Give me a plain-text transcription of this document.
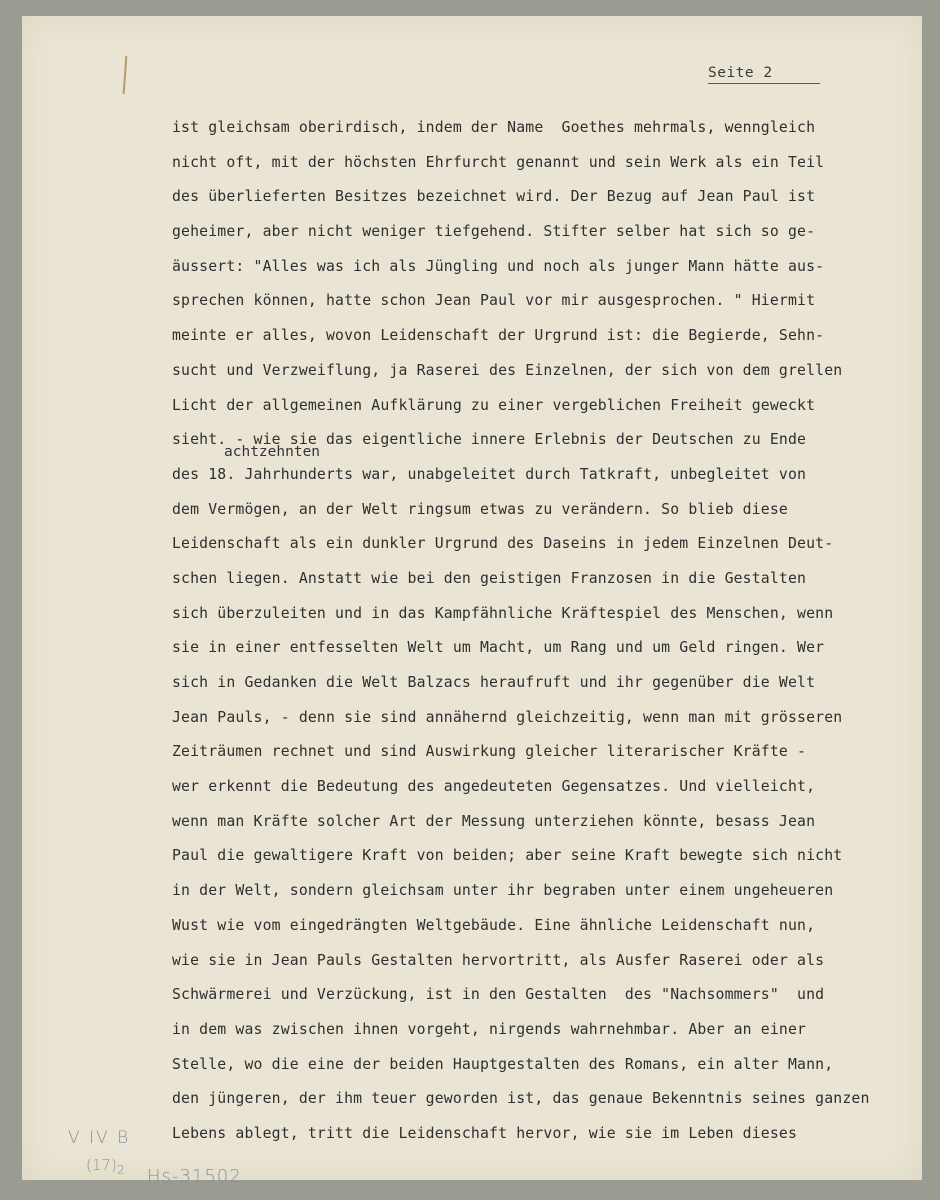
Seite 2
achtzehnten
ist gleichsam oberirdisch, indem der Name  Goethes mehrmals, wenngleich
nicht oft, mit der höchsten Ehrfurcht genannt und sein Werk als ein Teil
des überlieferten Besitzes bezeichnet wird. Der Bezug auf Jean Paul ist
geheimer, aber nicht weniger tiefgehend. Stifter selber hat sich so ge-
äussert: "Alles was ich als Jüngling und noch als junger Mann hätte aus-
sprechen können, hatte schon Jean Paul vor mir ausgesprochen. " Hiermit
meinte er alles, wovon Leidenschaft der Urgrund ist: die Begierde, Sehn-
sucht und Verzweiflung, ja Raserei des Einzelnen, der sich von dem grellen
Licht der allgemeinen Aufklärung zu einer vergeblichen Freiheit geweckt
sieht. - wie sie das eigentliche innere Erlebnis der Deutschen zu Ende
des 18. Jahrhunderts war, unabgeleitet durch Tatkraft, unbegleitet von
dem Vermögen, an der Welt ringsum etwas zu verändern. So blieb diese
Leidenschaft als ein dunkler Urgrund des Daseins in jedem Einzelnen Deut-
schen liegen. Anstatt wie bei den geistigen Franzosen in die Gestalten
sich überzuleiten und in das Kampfähnliche Kräftespiel des Menschen, wenn
sie in einer entfesselten Welt um Macht, um Rang und um Geld ringen. Wer
sich in Gedanken die Welt Balzacs heraufruft und ihr gegenüber die Welt
Jean Pauls, - denn sie sind annähernd gleichzeitig, wenn man mit grösseren
Zeiträumen rechnet und sind Auswirkung gleicher literarischer Kräfte -
wer erkennt die Bedeutung des angedeuteten Gegensatzes. Und vielleicht,
wenn man Kräfte solcher Art der Messung unterziehen könnte, besass Jean
Paul die gewaltigere Kraft von beiden; aber seine Kraft bewegte sich nicht
in der Welt, sondern gleichsam unter ihr begraben unter einem ungeheueren
Wust wie vom eingedrängten Weltgebäude. Eine ähnliche Leidenschaft nun,
wie sie in Jean Pauls Gestalten hervortritt, als Ausfer Raserei oder als
Schwärmerei und Verzückung, ist in den Gestalten  des "Nachsommers"  und
in dem was zwischen ihnen vorgeht, nirgends wahrnehmbar. Aber an einer
Stelle, wo die eine der beiden Hauptgestalten des Romans, ein alter Mann,
den jüngeren, der ihm teuer geworden ist, das genaue Bekenntnis seines ganzen
Lebens ablegt, tritt die Leidenschaft hervor, wie sie im Leben dieses
V IV B
$(17)_2$ Hs-31502
